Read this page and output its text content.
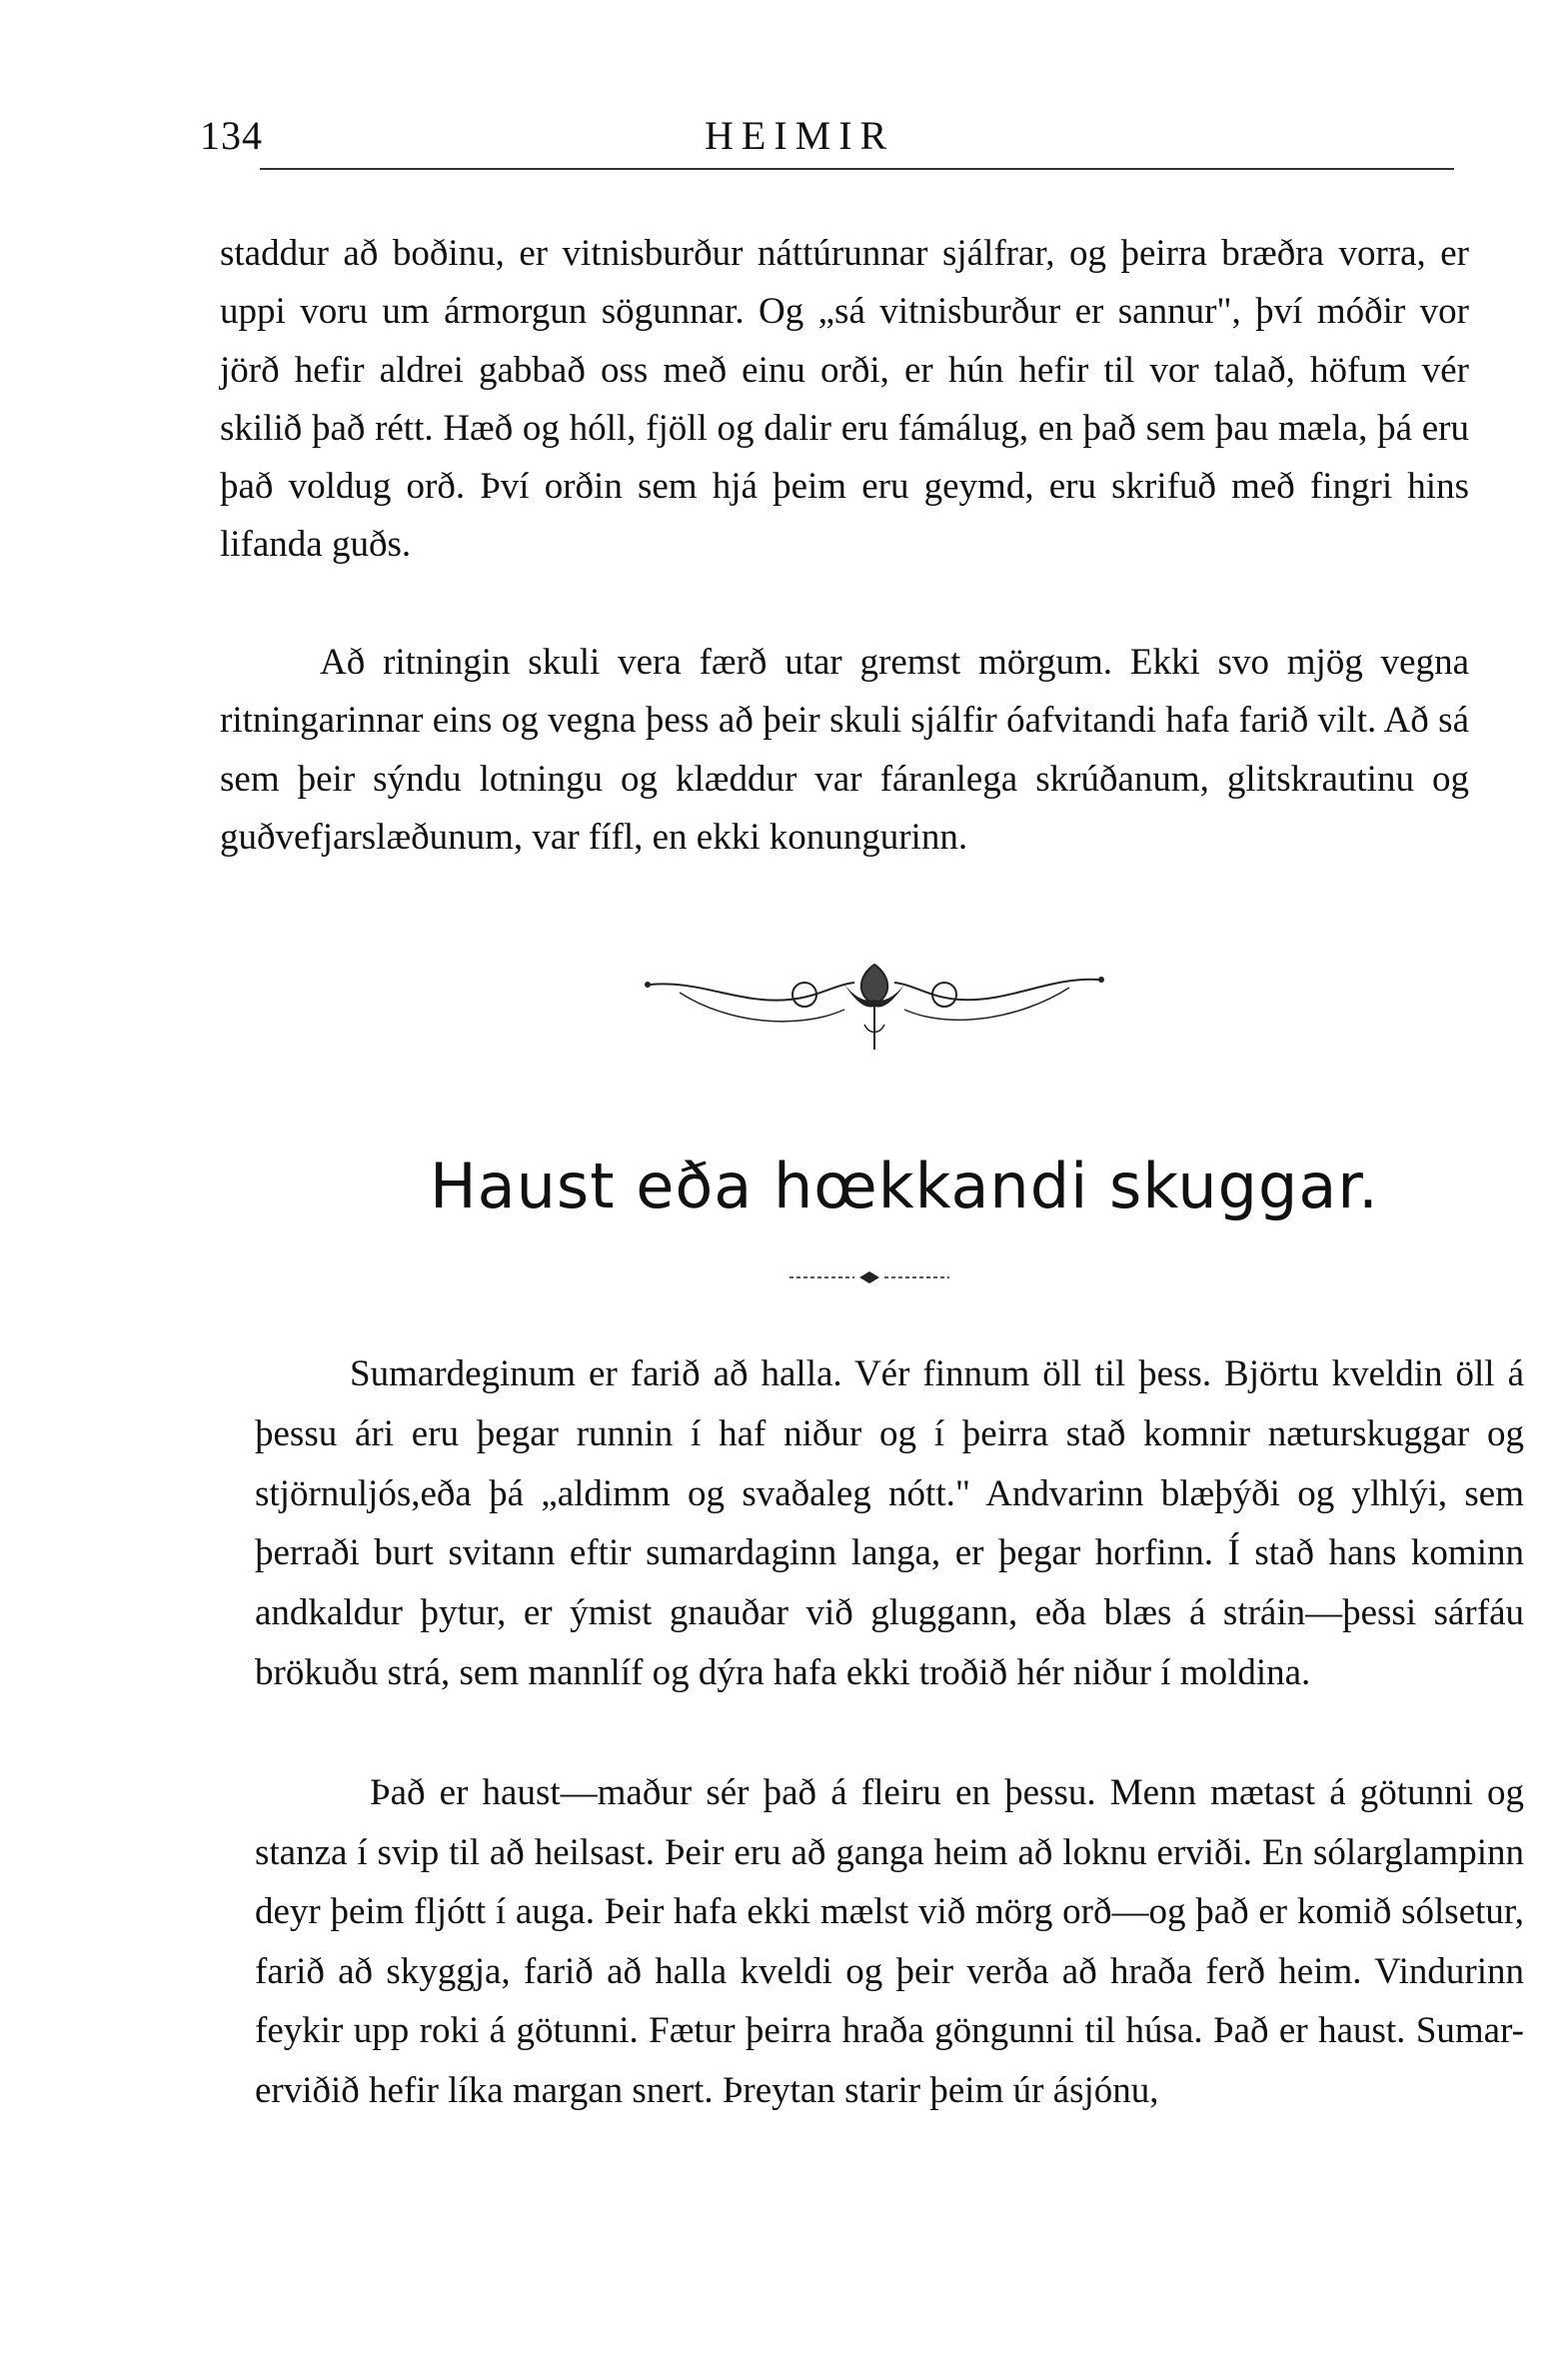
134	HEIMIR

staddur að boðinu, er vitnisburður náttúrunnar sjálfrar, og þeirra bræðra vorra, er uppi voru um ármorgun sögunnar. Og „sá vitnisburður er sannur", því móðir vor jörð hefir aldrei gabbað oss með einu orði, er hún hefir til vor talað, höfum vér skilið það rétt. Hæð og hóll, fjöll og dalir eru fámálug, en það sem þau mæla, þá eru það voldug orð. Því orðin sem hjá þeim eru geymd, eru skrifuð með fingri hins lifanda guðs.

Að ritningin skuli vera færð utar gremst mörgum. Ekki svo mjög vegna ritningarinnar eins og vegna þess að þeir skuli sjálfir óafvitandi hafa farið vilt. Að sá sem þeir sýndu lotningu og klæddur var fáranlega skrúðanum, glitskrautinu og guðvefjarslæðunum, var fífl, en ekki konungurinn.

Haust eða hœkkandi skuggar.

Sumardeginum er farið að halla. Vér finnum öll til þess. Björtu kveldin öll á þessu ári eru þegar runnin í haf niður og í þeirra stað komnir næturskuggar og stjörnuljós,eða þá „aldimm og svaðaleg nótt." Andvarinn blæþýði og ylhlýi, sem þerraði burt svitann eftir sumardaginn langa, er þegar horfinn. Í stað hans kominn andkaldur þytur, er ýmist gnauðar við gluggann, eða blæs á stráin—þessi sárfáu brökuðu strá, sem mannlíf og dýra hafa ekki troðið hér niður í moldina.

Það er haust—maður sér það á fleiru en þessu. Menn mætast á götunni og stanza í svip til að heilsast. Þeir eru að ganga heim að loknu erviði. En sólarglampinn deyr þeim fljótt í auga. Þeir hafa ekki mælst við mörg orð—og það er komið sólsetur, farið að skyggja, farið að halla kveldi og þeir verða að hraða ferð heim. Vindurinn feykir upp roki á götunni. Fætur þeirra hraða göngunni til húsa. Það er haust. Sumar-erviðið hefir líka margan snert. Þreytan starir þeim úr ásjónu,
